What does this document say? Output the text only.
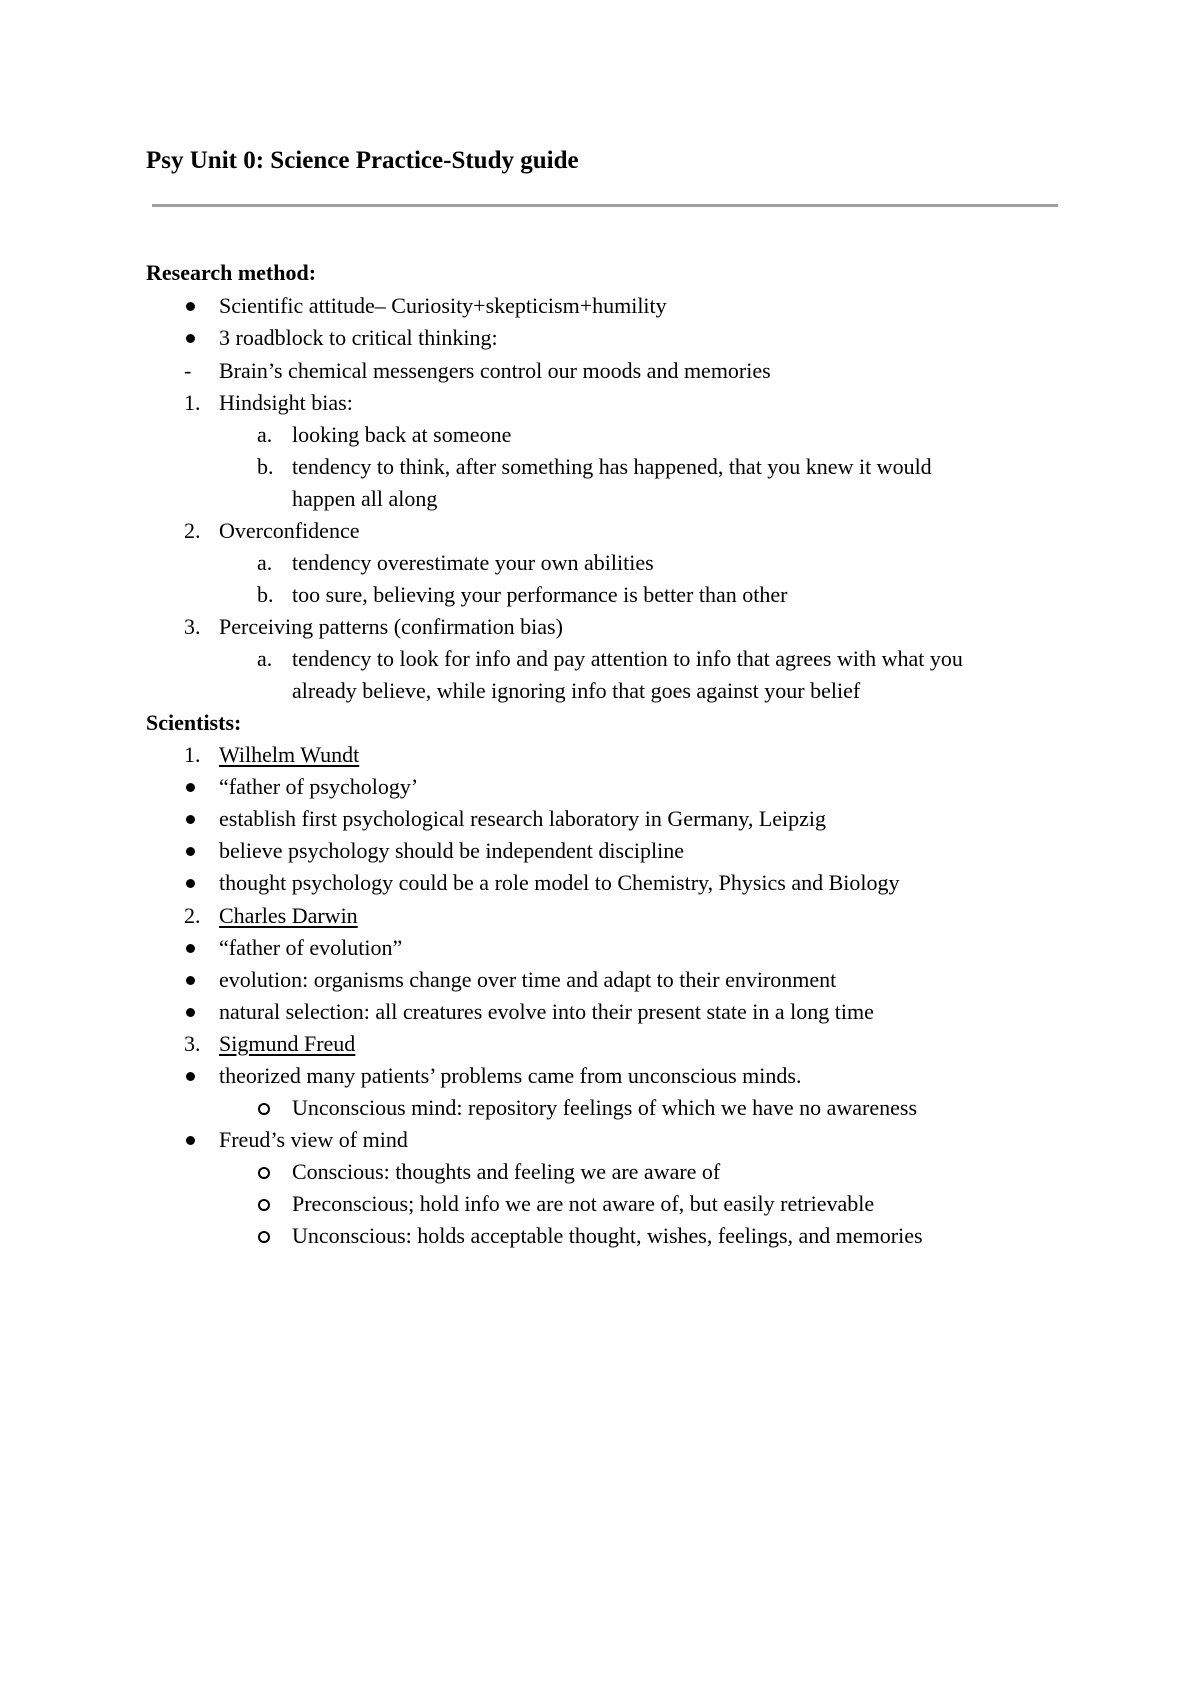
Psy Unit 0: Science Practice-Study guide
Research method:
Scientific attitude– Curiosity+skepticism+humility
3 roadblock to critical thinking:
- Brain’s chemical messengers control our moods and memories
1. Hindsight bias:
a. looking back at someone
b. tendency to think, after something has happened, that you knew it would
happen all along
2. Overconfidence
a. tendency overestimate your own abilities
b. too sure, believing your performance is better than other
3. Perceiving patterns (confirmation bias)
a. tendency to look for info and pay attention to info that agrees with what you
already believe, while ignoring info that goes against your belief
Scientists:
1. Wilhelm Wundt
“father of psychology’
establish first psychological research laboratory in Germany, Leipzig
believe psychology should be independent discipline
thought psychology could be a role model to Chemistry, Physics and Biology
2. Charles Darwin
“father of evolution”
evolution: organisms change over time and adapt to their environment
natural selection: all creatures evolve into their present state in a long time
3. Sigmund Freud
theorized many patients’ problems came from unconscious minds.
Unconscious mind: repository feelings of which we have no awareness
Freud’s view of mind
Conscious: thoughts and feeling we are aware of
Preconscious; hold info we are not aware of, but easily retrievable
Unconscious: holds acceptable thought, wishes, feelings, and memories
